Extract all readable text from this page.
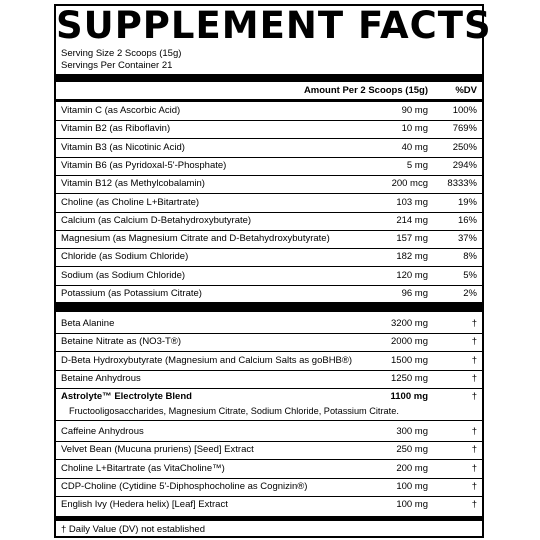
SUPPLEMENT FACTS
Serving Size 2 Scoops (15g)
Servings Per Container 21
Amount Per 2 Scoops (15g)	%DV
Vitamin C (as Ascorbic Acid)	90 mg	100%
Vitamin B2 (as Riboflavin)	10 mg	769%
Vitamin B3 (as Nicotinic Acid)	40 mg	250%
Vitamin B6 (as Pyridoxal-5'-Phosphate)	5 mg	294%
Vitamin B12 (as Methylcobalamin)	200 mcg 8333%
Choline (as Choline L+Bitartrate)	103 mg	19%
Calcium (as Calcium D-Betahydroxybutyrate)	214 mg	16%
Magnesium (as Magnesium Citrate and D-Betahydroxybutyrate)	157 mg	37%
Chloride (as Sodium Chloride)	182 mg	8%
Sodium (as Sodium Chloride)	120 mg	5%
Potassium (as Potassium Citrate)	96 mg	2%
Beta Alanine	3200 mg	†
Betaine Nitrate as (NO3-T®)	2000 mg	†
D-Beta Hydroxybutyrate (Magnesium and Calcium Salts as goBHB®)	1500 mg	†
Betaine Anhydrous	1250 mg	†
Astrolyte™ Electrolyte Blend	1100 mg	†
Fructooligosaccharides, Magnesium Citrate, Sodium Chloride, Potassium Citrate.
Caffeine Anhydrous	300 mg	†
Velvet Bean (Mucuna pruriens) [Seed] Extract	250 mg	†
Choline L+Bitartrate (as VitaCholine™)	200 mg	†
CDP-Choline (Cytidine 5'-Diphosphocholine as Cognizin®)	100 mg	†
English Ivy (Hedera helix) [Leaf] Extract	100 mg	†
† Daily Value (DV) not established
